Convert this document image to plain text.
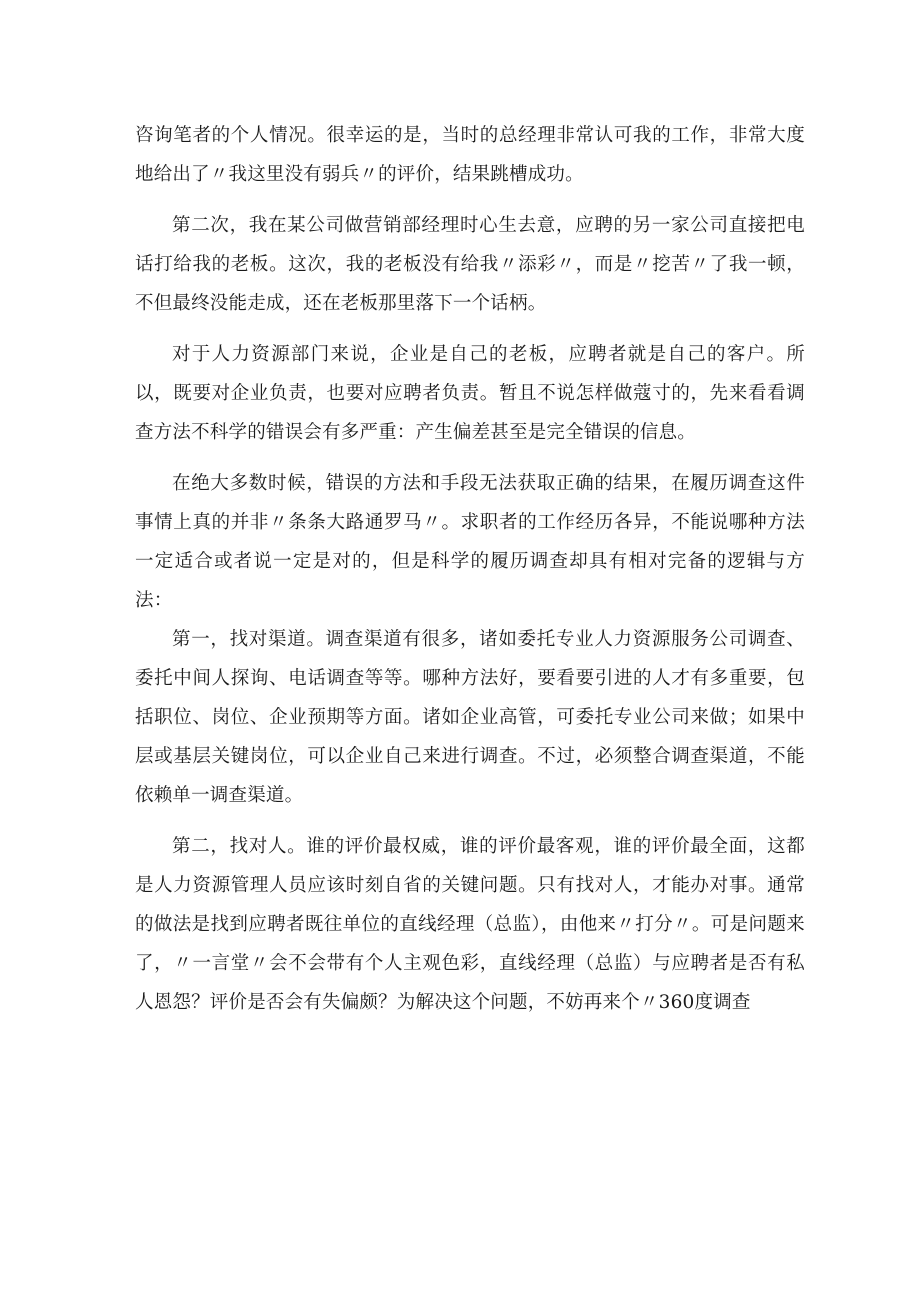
咨询笔者的个人情况。很幸运的是，当时的总经理非常认可我的工作，非常大度地给出了〃我这里没有弱兵〃的评价，结果跳槽成功。

第二次，我在某公司做营销部经理时心生去意，应聘的另一家公司直接把电话打给我的老板。这次，我的老板没有给我〃添彩〃，而是〃挖苦〃了我一顿，不但最终没能走成，还在老板那里落下一个话柄。

对于人力资源部门来说，企业是自己的老板，应聘者就是自己的客户。所以，既要对企业负责，也要对应聘者负责。暂且不说怎样做蔻寸的，先来看看调查方法不科学的错误会有多严重：产生偏差甚至是完全错误的信息。

在绝大多数时候，错误的方法和手段无法获取正确的结果，在履历调查这件事情上真的并非〃条条大路通罗马〃。求职者的工作经历各异，不能说哪种方法一定适合或者说一定是对的，但是科学的履历调查却具有相对完备的逻辑与方法：

第一，找对渠道。调查渠道有很多，诸如委托专业人力资源服务公司调查、委托中间人探询、电话调查等等。哪种方法好，要看要引进的人才有多重要，包括职位、岗位、企业预期等方面。诸如企业高管，可委托专业公司来做；如果中层或基层关键岗位，可以企业自己来进行调查。不过，必须整合调查渠道，不能依赖单一调查渠道。

第二，找对人。谁的评价最权威，谁的评价最客观，谁的评价最全面，这都是人力资源管理人员应该时刻自省的关键问题。只有找对人，才能办对事。通常的做法是找到应聘者既往单位的直线经理（总监），由他来〃打分〃。可是问题来了，〃一言堂〃会不会带有个人主观色彩，直线经理（总监）与应聘者是否有私人恩怨？评价是否会有失偏颇？为解决这个问题，不妨再来个〃360度调查
